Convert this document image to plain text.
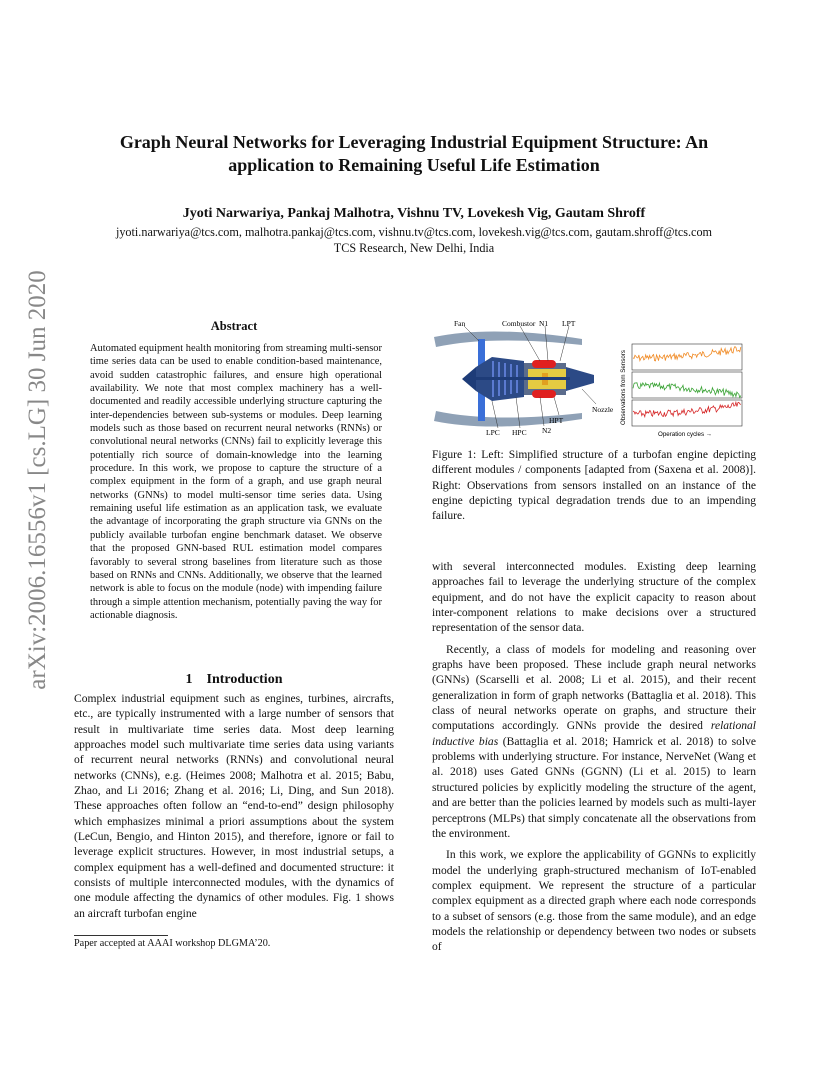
arXiv:2006.16556v1 [cs.LG] 30 Jun 2020
Graph Neural Networks for Leveraging Industrial Equipment Structure: An
application to Remaining Useful Life Estimation
Jyoti Narwariya, Pankaj Malhotra, Vishnu TV, Lovekesh Vig, Gautam Shroff
jyoti.narwariya@tcs.com, malhotra.pankaj@tcs.com, vishnu.tv@tcs.com, lovekesh.vig@tcs.com, gautam.shroff@tcs.com
TCS Research, New Delhi, India
Abstract

Automated equipment health monitoring from streaming multi-sensor time series data can be used to enable condition-based maintenance, avoid sudden catastrophic failures, and ensure high operational availability. We note that most complex machinery has a well-documented and readily accessible underlying structure capturing the inter-dependencies between sub-systems or modules. Deep learning models such as those based on recurrent neural networks (RNNs) or convolutional neural networks (CNNs) fail to explicitly leverage this potentially rich source of domain-knowledge into the learning procedure. In this work, we propose to capture the structure of a complex equipment in the form of a graph, and use graph neural networks (GNNs) to model multi-sensor time series data. Using remaining useful life estimation as an application task, we evaluate the advantage of incorporating the graph structure via GNNs on the publicly available turbofan engine benchmark dataset. We observe that the proposed GNN-based RUL estimation model compares favorably to several strong baselines from literature such as those based on RNNs and CNNs. Additionally, we observe that the learned network is able to focus on the module (node) with impending failure through a simple attention mechanism, potentially paving the way for actionable diagnosis.

1 Introduction

Complex industrial equipment such as engines, turbines, aircrafts, etc., are typically instrumented with a large number of sensors that result in multivariate time series data. Most deep learning approaches model such multivariate time series data using variants of recurrent neural networks (RNNs) and convolutional neural networks (CNNs), e.g. (Heimes 2008; Malhotra et al. 2015; Babu, Zhao, and Li 2016; Zhang et al. 2016; Li, Ding, and Sun 2018). These approaches often follow an “end-to-end” design philosophy which emphasizes minimal a priori assumptions about the system (LeCun, Bengio, and Hinton 2015), and therefore, ignore or fail to leverage explicit structures. However, in most industrial setups, a complex equipment has a well-defined and documented structure: it consists of multiple interconnected modules, with the dynamics of one module affecting the dynamics of other modules. Fig. 1 shows an aircraft turbofan engine

Paper accepted at AAAI workshop DLGMA’20.
Fan	Combustor N1 LPT
Nozzle
HPT
LPC HPC N2
Observations from Sensors
Operation cycles →

Figure 1: Left: Simplified structure of a turbofan engine depicting different modules / components [adapted from (Saxena et al. 2008)]. Right: Observations from sensors installed on an instance of the engine depicting typical degradation trends due to an impending failure.

with several interconnected modules. Existing deep learning approaches fail to leverage the underlying structure of the complex equipment, and do not have the explicit capacity to reason about inter-component relations to make decisions over a structured representation of the sensor data.

Recently, a class of models for modeling and reasoning over graphs have been proposed. These include graph neural networks (GNNs) (Scarselli et al. 2008; Li et al. 2015), and their recent generalization in form of graph networks (Battaglia et al. 2018). This class of neural networks operate on graphs, and structure their computations accordingly. GNNs provide the desired relational inductive bias (Battaglia et al. 2018; Hamrick et al. 2018) to solve problems with underlying structure. For instance, NerveNet (Wang et al. 2018) uses Gated GNNs (GGNN) (Li et al. 2015) to learn structured policies by explicitly modeling the structure of the agent, and are better than the policies learned by models such as multi-layer perceptrons (MLPs) that simply concatenate all the observations from the environment.

In this work, we explore the applicability of GGNNs to explicitly model the underlying graph-structured mechanism of IoT-enabled complex equipment. We represent the structure of a particular complex equipment as a directed graph where each node corresponds to a subset of sensors (e.g. those from the same module), and an edge models the relationship or dependency between two nodes or subsets of
